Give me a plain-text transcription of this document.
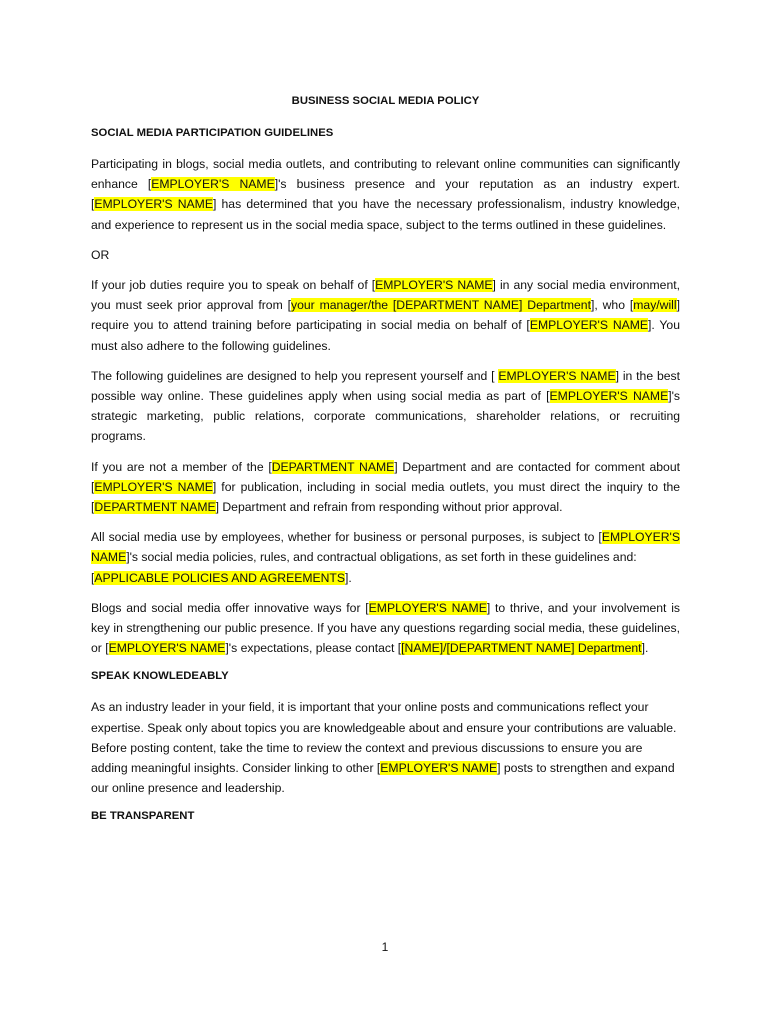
BUSINESS SOCIAL MEDIA POLICY
SOCIAL MEDIA PARTICIPATION GUIDELINES

Participating in blogs, social media outlets, and contributing to relevant online communities can significantly enhance [EMPLOYER'S NAME]'s business presence and your reputation as an industry expert. [EMPLOYER'S NAME] has determined that you have the necessary professionalism, industry knowledge, and experience to represent us in the social media space, subject to the terms outlined in these guidelines.

OR

If your job duties require you to speak on behalf of [EMPLOYER'S NAME] in any social media environment, you must seek prior approval from [your manager/the [DEPARTMENT NAME] Department], who [may/will] require you to attend training before participating in social media on behalf of [EMPLOYER'S NAME]. You must also adhere to the following guidelines.

The following guidelines are designed to help you represent yourself and [ EMPLOYER'S NAME] in the best possible way online. These guidelines apply when using social media as part of [EMPLOYER'S NAME]'s strategic marketing, public relations, corporate communications, shareholder relations, or recruiting programs.

If you are not a member of the [DEPARTMENT NAME] Department and are contacted for comment about [EMPLOYER'S NAME] for publication, including in social media outlets, you must direct the inquiry to the [DEPARTMENT NAME] Department and refrain from responding without prior approval.

All social media use by employees, whether for business or personal purposes, is subject to [EMPLOYER'S NAME]'s social media policies, rules, and contractual obligations, as set forth in these guidelines and:
[APPLICABLE POLICIES AND AGREEMENTS].

Blogs and social media offer innovative ways for [EMPLOYER'S NAME] to thrive, and your involvement is key in strengthening our public presence. If you have any questions regarding social media, these guidelines, or [EMPLOYER'S NAME]'s expectations, please contact [[NAME]/[DEPARTMENT NAME] Department].

SPEAK KNOWLEDEABLY

As an industry leader in your field, it is important that your online posts and communications reflect your expertise. Speak only about topics you are knowledgeable about and ensure your contributions are valuable. Before posting content, take the time to review the context and previous discussions to ensure you are adding meaningful insights. Consider linking to other [EMPLOYER'S NAME] posts to strengthen and expand our online presence and leadership.

BE TRANSPARENT
1
